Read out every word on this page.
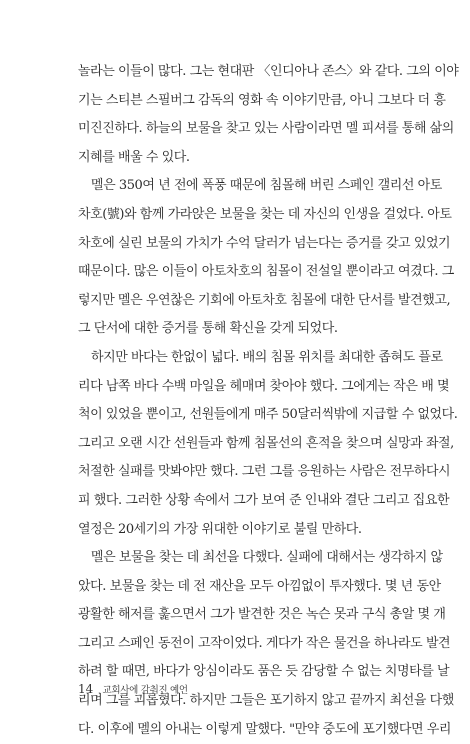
놀라는 이들이 많다. 그는 현대판 〈인디아나 존스〉와 같다. 그의 이야
기는 스티븐 스필버그 감독의 영화 속 이야기만큼, 아니 그보다 더 흥
미진진하다. 하늘의 보물을 찾고 있는 사람이라면 멜 피셔를 통해 삶의
지혜를 배울 수 있다.
멜은 350여 년 전에 폭풍 때문에 침몰해 버린 스페인 갤리선 아토
차호(號)와 함께 가라앉은 보물을 찾는 데 자신의 인생을 걸었다. 아토
차호에 실린 보물의 가치가 수억 달러가 넘는다는 증거를 갖고 있었기
때문이다. 많은 이들이 아토차호의 침몰이 전설일 뿐이라고 여겼다. 그
렇지만 멜은 우연찮은 기회에 아토차호 침몰에 대한 단서를 발견했고,
그 단서에 대한 증거를 통해 확신을 갖게 되었다.
하지만 바다는 한없이 넓다. 배의 침몰 위치를 최대한 좁혀도 플로
리다 남쪽 바다 수백 마일을 헤매며 찾아야 했다. 그에게는 작은 배 몇
척이 있었을 뿐이고, 선원들에게 매주 50달러씩밖에 지급할 수 없었다.
그리고 오랜 시간 선원들과 함께 침몰선의 흔적을 찾으며 실망과 좌절,
처절한 실패를 맛봐야만 했다. 그런 그를 응원하는 사람은 전무하다시
피 했다. 그러한 상황 속에서 그가 보여 준 인내와 결단 그리고 집요한
열정은 20세기의 가장 위대한 이야기로 불릴 만하다.
멜은 보물을 찾는 데 최선을 다했다. 실패에 대해서는 생각하지 않
았다. 보물을 찾는 데 전 재산을 모두 아낌없이 투자했다. 몇 년 동안
광활한 해저를 훑으면서 그가 발견한 것은 녹슨 못과 구식 총알 몇 개
그리고 스페인 동전이 고작이었다. 게다가 작은 물건을 하나라도 발견
하려 할 때면, 바다가 앙심이라도 품은 듯 감당할 수 없는 치명타를 날
리며 그를 괴롭혔다. 하지만 그들은 포기하지 않고 끝까지 최선을 다했
다. 이후에 멜의 아내는 이렇게 말했다. "만약 중도에 포기했다면 우리
14 교회사에 감춰진 예언
